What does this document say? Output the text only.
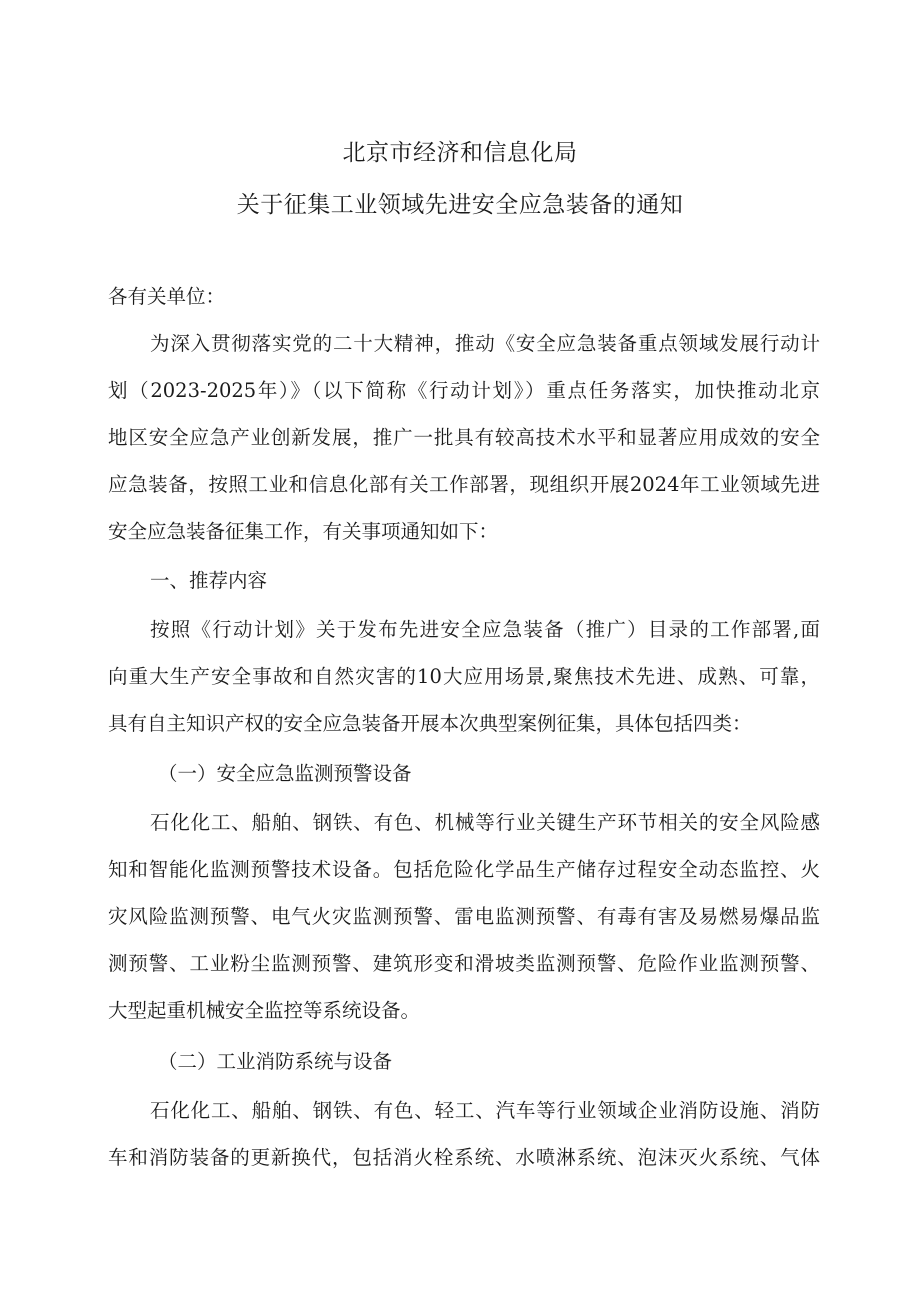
北京市经济和信息化局
关于征集工业领域先进安全应急装备的通知
各有关单位：
为深入贯彻落实党的二十大精神，推动《安全应急装备重点领域发展行动计
划（2023-2025年）》（以下简称《行动计划》）重点任务落实，加快推动北京
地区安全应急产业创新发展，推广一批具有较高技术水平和显著应用成效的安全
应急装备，按照工业和信息化部有关工作部署，现组织开展2024年工业领域先进
安全应急装备征集工作，有关事项通知如下：
一、推荐内容
按照《行动计划》关于发布先进安全应急装备（推广）目录的工作部署,面
向重大生产安全事故和自然灾害的10大应用场景,聚焦技术先进、成熟、可靠，
具有自主知识产权的安全应急装备开展本次典型案例征集，具体包括四类：
（一）安全应急监测预警设备
石化化工、船舶、钢铁、有色、机械等行业关键生产环节相关的安全风险感
知和智能化监测预警技术设备。包括危险化学品生产储存过程安全动态监控、火
灾风险监测预警、电气火灾监测预警、雷电监测预警、有毒有害及易燃易爆品监
测预警、工业粉尘监测预警、建筑形变和滑坡类监测预警、危险作业监测预警、
大型起重机械安全监控等系统设备。
（二）工业消防系统与设备
石化化工、船舶、钢铁、有色、轻工、汽车等行业领域企业消防设施、消防
车和消防装备的更新换代，包括消火栓系统、水喷淋系统、泡沫灭火系统、气体
